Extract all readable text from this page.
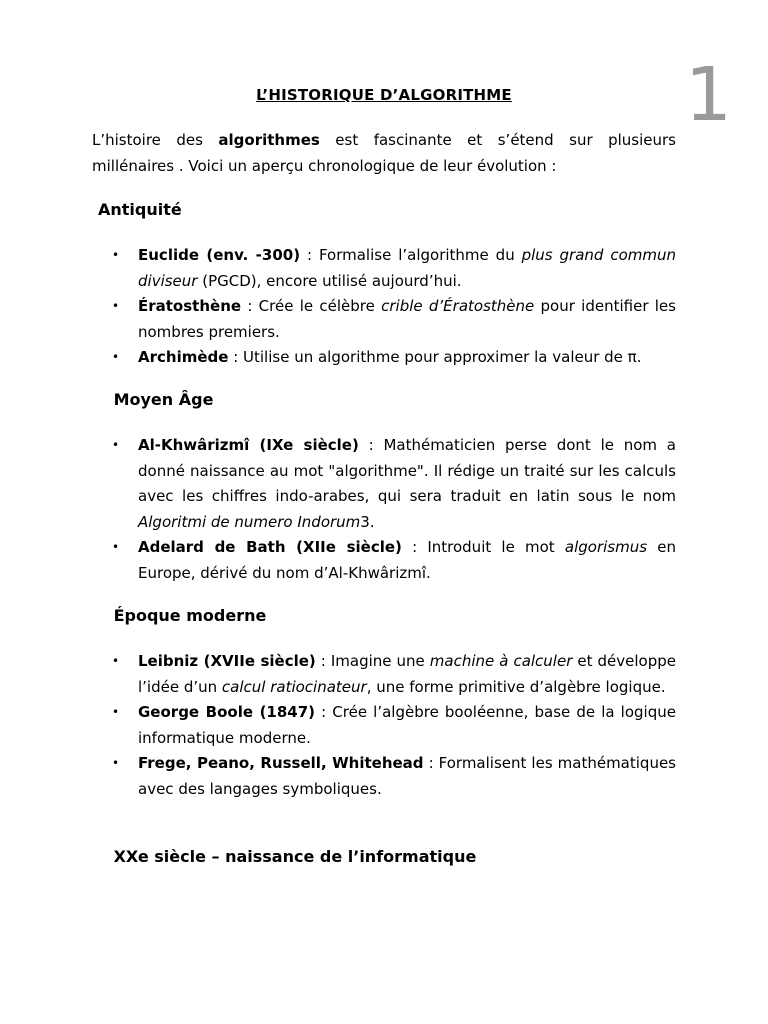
1
L’HISTORIQUE D’ALGORITHME

L’histoire des algorithmes est fascinante et s’étend sur plusieurs millénaires . Voici un aperçu chronologique de leur évolution :

Antiquité
• Euclide (env. -300) : Formalise l’algorithme du plus grand commun diviseur (PGCD), encore utilisé aujourd’hui.
• Ératosthène : Crée le célèbre crible d’Ératosthène pour identifier les nombres premiers.
• Archimède : Utilise un algorithme pour approximer la valeur de π.
Moyen Âge
• Al-Khwârizmî (IXe siècle) : Mathématicien perse dont le nom a donné naissance au mot "algorithme". Il rédige un traité sur les calculs avec les chiffres indo-arabes, qui sera traduit en latin sous le nom Algoritmi de numero Indorum3.
• Adelard de Bath (XIIe siècle) : Introduit le mot algorismus en Europe, dérivé du nom d’Al-Khwârizmî.
Époque moderne
• Leibniz (XVIIe siècle) : Imagine une machine à calculer et développe l’idée d’un calcul ratiocinateur, une forme primitive d’algèbre logique.
• George Boole (1847) : Crée l’algèbre booléenne, base de la logique informatique moderne.
• Frege, Peano, Russell, Whitehead : Formalisent les mathématiques avec des langages symboliques.
XXe siècle – naissance de l’informatique
